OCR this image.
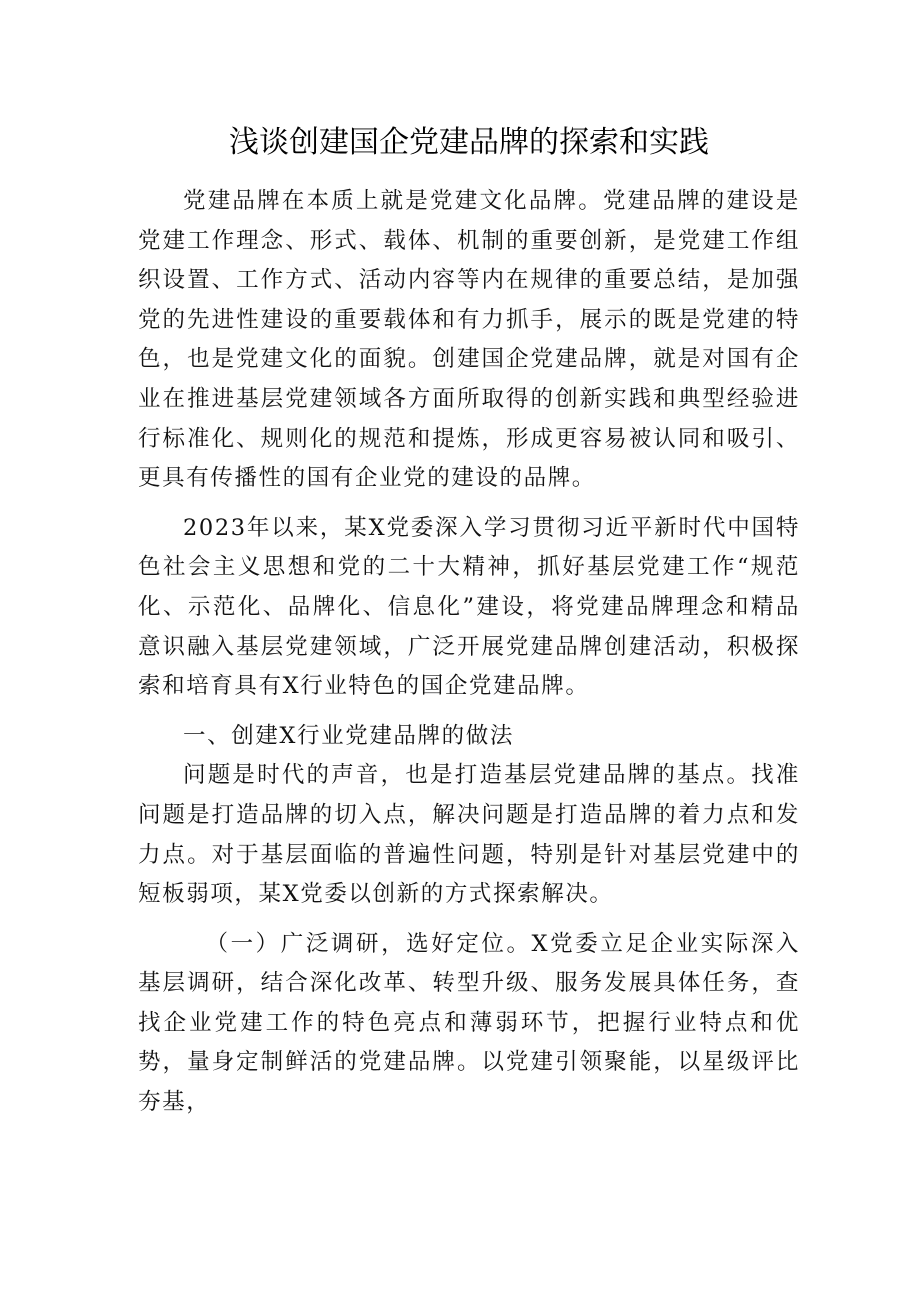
浅谈创建国企党建品牌的探索和实践

党建品牌在本质上就是党建文化品牌。党建品牌的建设是党建工作理念、形式、载体、机制的重要创新，是党建工作组织设置、工作方式、活动内容等内在规律的重要总结，是加强党的先进性建设的重要载体和有力抓手，展示的既是党建的特色，也是党建文化的面貌。创建国企党建品牌，就是对国有企业在推进基层党建领域各方面所取得的创新实践和典型经验进行标准化、规则化的规范和提炼，形成更容易被认同和吸引、更具有传播性的国有企业党的建设的品牌。

2023年以来，某X党委深入学习贯彻习近平新时代中国特色社会主义思想和党的二十大精神，抓好基层党建工作“规范化、示范化、品牌化、信息化”建设，将党建品牌理念和精品意识融入基层党建领域，广泛开展党建品牌创建活动，积极探索和培育具有X行业特色的国企党建品牌。

一、创建X行业党建品牌的做法

问题是时代的声音，也是打造基层党建品牌的基点。找准问题是打造品牌的切入点，解决问题是打造品牌的着力点和发力点。对于基层面临的普遍性问题，特别是针对基层党建中的短板弱项，某X党委以创新的方式探索解决。

（一）广泛调研，选好定位。X党委立足企业实际深入基层调研，结合深化改革、转型升级、服务发展具体任务，查找企业党建工作的特色亮点和薄弱环节，把握行业特点和优势，量身定制鲜活的党建品牌。以党建引领聚能，以星级评比夯基，
